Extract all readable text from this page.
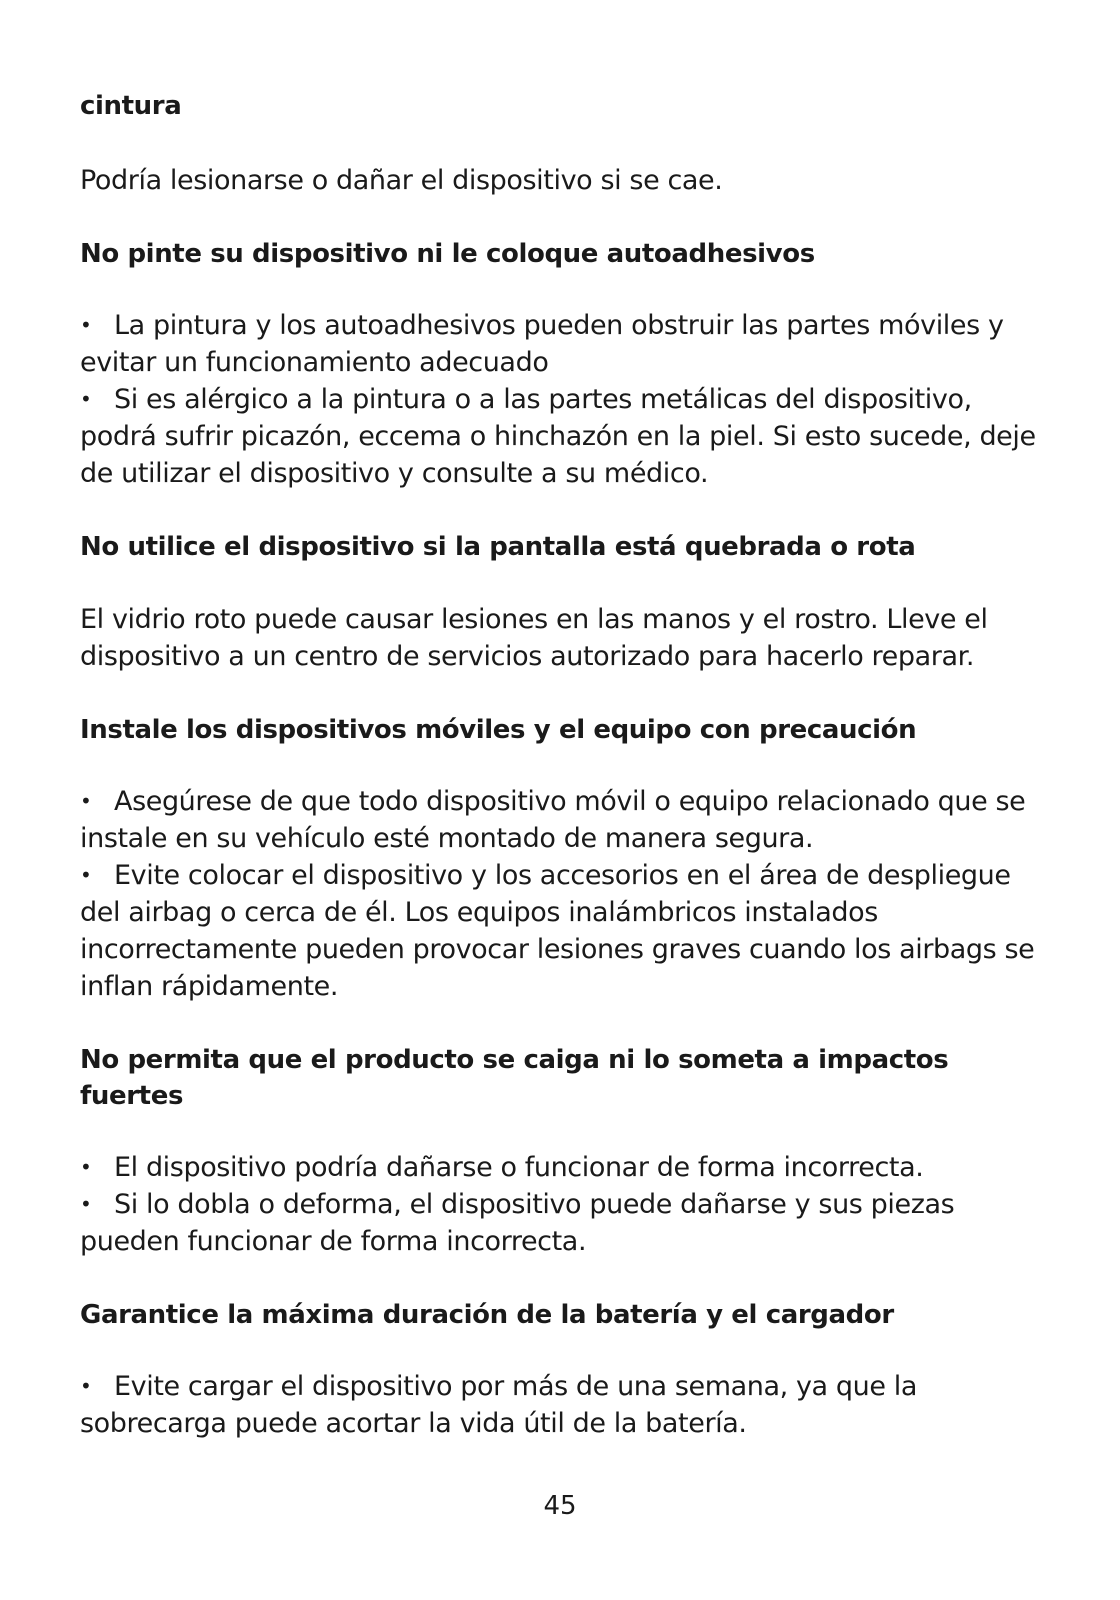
cintura

Podría lesionarse o dañar el dispositivo si se cae.

No pinte su dispositivo ni le coloque autoadhesivos

• La pintura y los autoadhesivos pueden obstruir las partes móviles y evitar un funcionamiento adecuado

• Si es alérgico a la pintura o a las partes metálicas del dispositivo, podrá sufrir picazón, eccema o hinchazón en la piel. Si esto sucede, deje de utilizar el dispositivo y consulte a su médico.

No utilice el dispositivo si la pantalla está quebrada o rota

El vidrio roto puede causar lesiones en las manos y el rostro. Lleve el dispositivo a un centro de servicios autorizado para hacerlo reparar.

Instale los dispositivos móviles y el equipo con precaución

• Asegúrese de que todo dispositivo móvil o equipo relacionado que se instale en su vehículo esté montado de manera segura.

• Evite colocar el dispositivo y los accesorios en el área de despliegue del airbag o cerca de él. Los equipos inalámbricos instalados incorrectamente pueden provocar lesiones graves cuando los airbags se inflan rápidamente.

No permita que el producto se caiga ni lo someta a impactos fuertes

• El dispositivo podría dañarse o funcionar de forma incorrecta.

• Si lo dobla o deforma, el dispositivo puede dañarse y sus piezas pueden funcionar de forma incorrecta.

Garantice la máxima duración de la batería y el cargador

• Evite cargar el dispositivo por más de una semana, ya que la sobrecarga puede acortar la vida útil de la batería.

45
